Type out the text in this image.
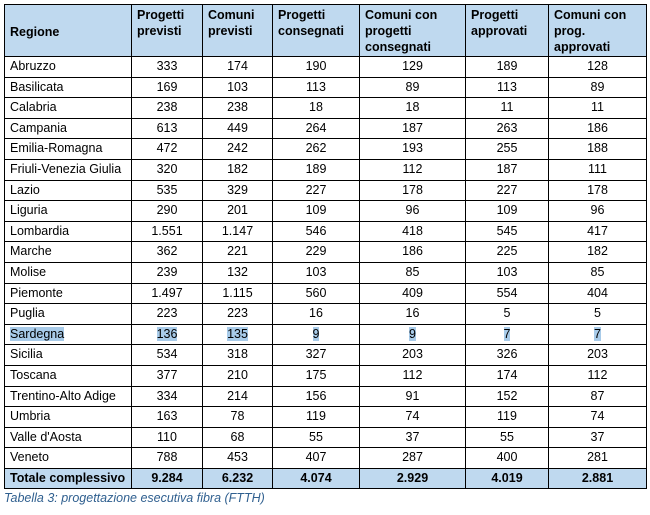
Regione	Progetti previsti	Comuni previsti	Progetti consegnati	Comuni con progetti consegnati	Progetti approvati	Comuni con prog. approvati
Abruzzo	333	174	190	129	189	128
Basilicata	169	103	113	89	113	89
Calabria	238	238	18	18	11	11
Campania	613	449	264	187	263	186
Emilia-Romagna	472	242	262	193	255	188
Friuli-Venezia Giulia	320	182	189	112	187	111
Lazio	535	329	227	178	227	178
Liguria	290	201	109	96	109	96
Lombardia	1.551	1.147	546	418	545	417
Marche	362	221	229	186	225	182
Molise	239	132	103	85	103	85
Piemonte	1.497	1.115	560	409	554	404
Puglia	223	223	16	16	5	5
Sardegna	136	135	9	9	7	7
Sicilia	534	318	327	203	326	203
Toscana	377	210	175	112	174	112
Trentino-Alto Adige	334	214	156	91	152	87
Umbria	163	78	119	74	119	74
Valle d'Aosta	110	68	55	37	55	37
Veneto	788	453	407	287	400	281
Totale complessivo	9.284	6.232	4.074	2.929	4.019	2.881
Tabella 3: progettazione esecutiva fibra (FTTH)
